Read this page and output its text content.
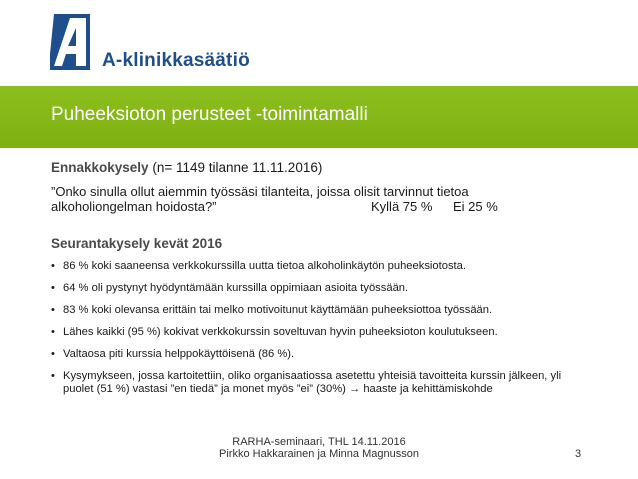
A-klinikkasäätiö
Puheeksioton perusteet -toimintamalli
Ennakkokysely (n= 1149 tilanne 11.11.2016)
”Onko sinulla ollut aiemmin työssäsi tilanteita, joissa olisit tarvinnut tietoa
alkoholiongelman hoidosta?”	Kyllä 75 % Ei 25 %
Seurantakysely kevät 2016
• 86 % koki saaneensa verkkokurssilla uutta tietoa alkoholinkäytön puheeksiotosta.
• 64 % oli pystynyt hyödyntämään kurssilla oppimiaan asioita työssään.
• 83 % koki olevansa erittäin tai melko motivoitunut käyttämään puheeksiottoa työssään.
• Lähes kaikki (95 %) kokivat verkkokurssin soveltuvan hyvin puheeksioton koulutukseen.
• Valtaosa piti kurssia helppokäyttöisenä (86 %).
• Kysymykseen, jossa kartoitettiin, oliko organisaatiossa asetettu yhteisiä tavoitteita kurssin jälkeen, yli puolet (51 %) vastasi ”en tiedä” ja monet myös ”ei” (30%) → haaste ja kehittämiskohde
RARHA-seminaari, THL 14.11.2016
Pirkko Hakkarainen ja Minna Magnusson	3
